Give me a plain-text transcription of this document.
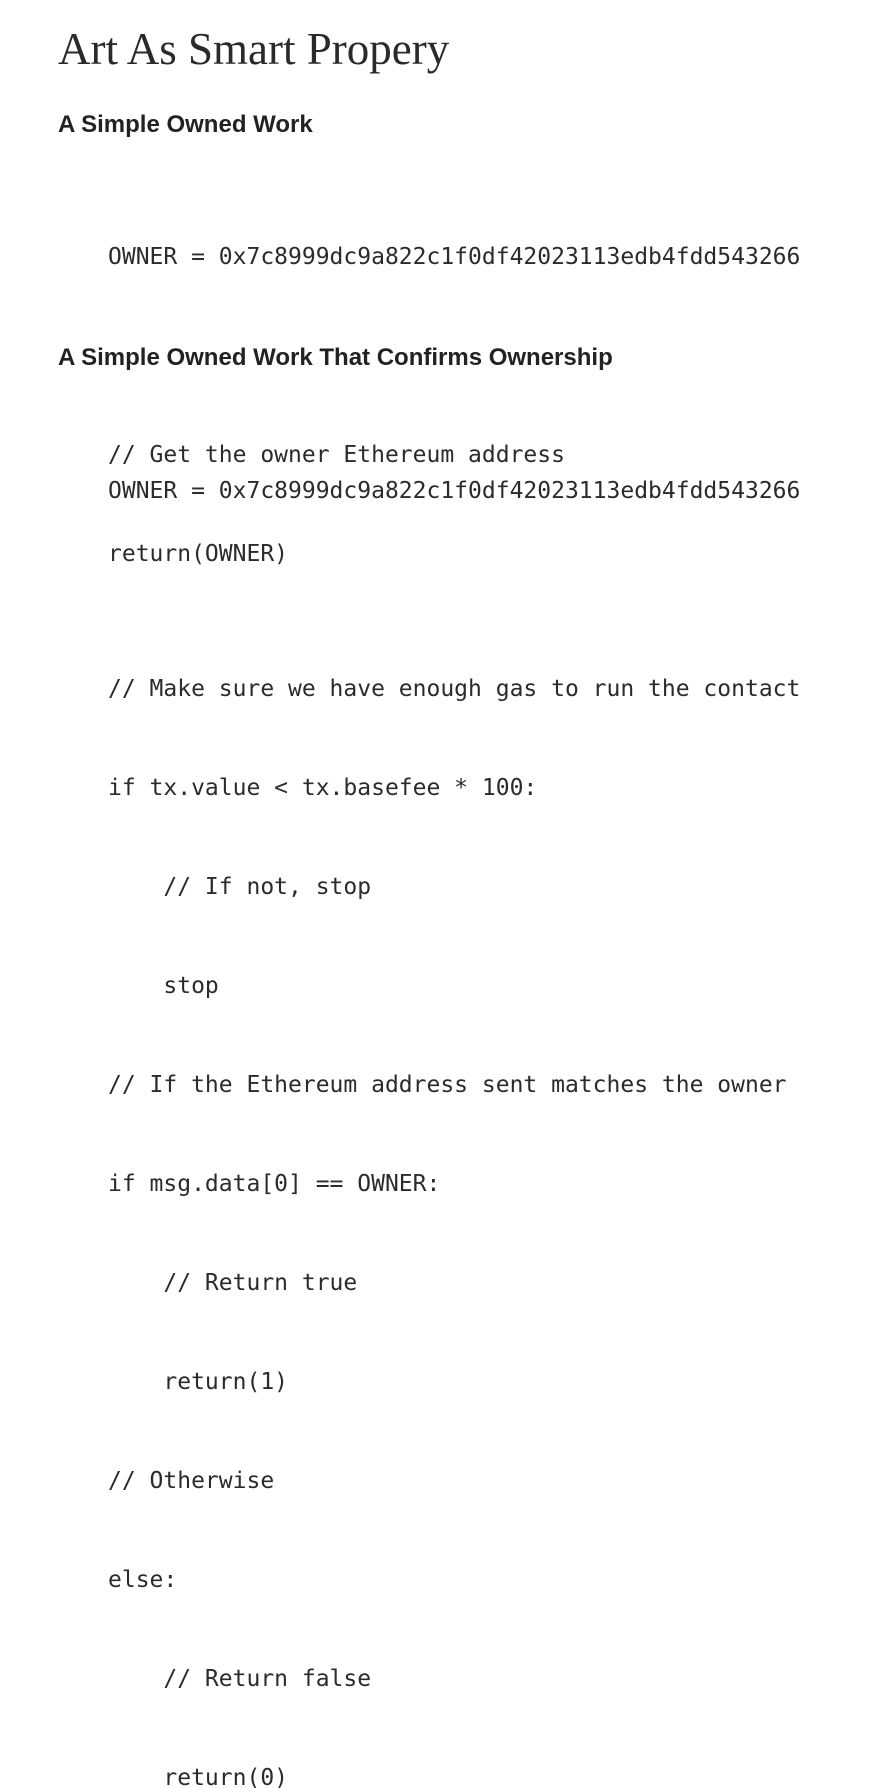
Art As Smart Propery
A Simple Owned Work

OWNER = 0x7c8999dc9a822c1f0df42023113edb4fdd543266

// Get the owner Ethereum address

return(OWNER)

A Simple Owned Work That Confirms Ownership

OWNER = 0x7c8999dc9a822c1f0df42023113edb4fdd543266

// Make sure we have enough gas to run the contact

if tx.value < tx.basefee * 100:

// If not, stop

stop

// If the Ethereum address sent matches the owner

if msg.data[0] == OWNER:

// Return true

return(1)

// Otherwise

else:

// Return false

return(0)
